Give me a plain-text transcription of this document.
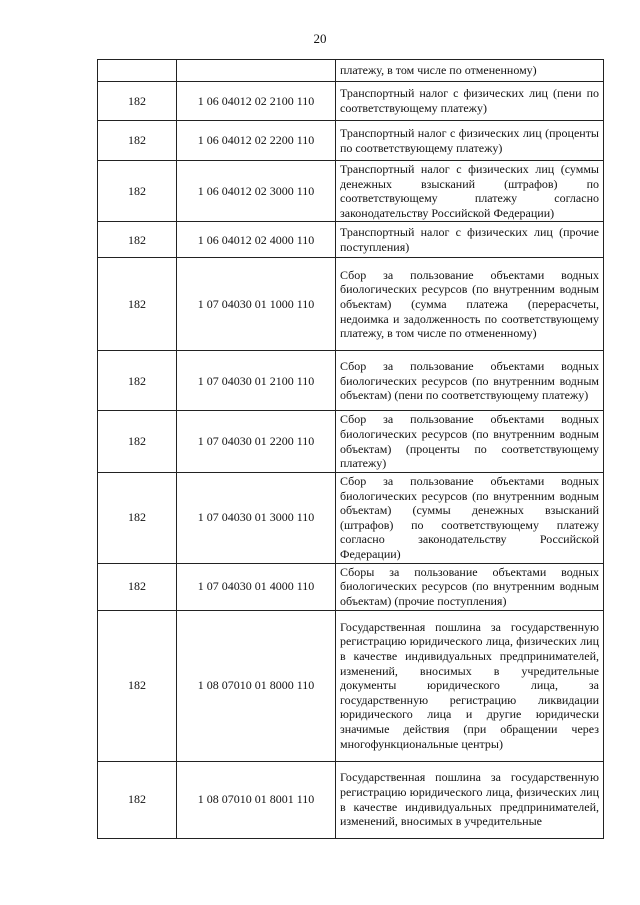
20
		платежу, в том числе по отмененному)
182	1 06 04012 02 2100 110	Транспортный налог с физических лиц (пени по соответствующему платежу)
182	1 06 04012 02 2200 110	Транспортный налог с физических лиц (проценты по соответствующему платежу)
182	1 06 04012 02 3000 110	Транспортный налог с физических лиц (суммы денежных взысканий (штрафов) по соответствующему платежу согласно законодательству Российской Федерации)
182	1 06 04012 02 4000 110	Транспортный налог с физических лиц (прочие поступления)
182	1 07 04030 01 1000 110	Сбор за пользование объектами водных биологических ресурсов (по внутренним водным объектам) (сумма платежа (перерасчеты, недоимка и задолженность по соответствующему платежу, в том числе по отмененному)
182	1 07 04030 01 2100 110	Сбор за пользование объектами водных биологических ресурсов (по внутренним водным объектам) (пени по соответствующему платежу)
182	1 07 04030 01 2200 110	Сбор за пользование объектами водных биологических ресурсов (по внутренним водным объектам) (проценты по соответствующему платежу)
182	1 07 04030 01 3000 110	Сбор за пользование объектами водных биологических ресурсов (по внутренним водным объектам) (суммы денежных взысканий (штрафов) по соответствующему платежу согласно законодательству Российской Федерации)
182	1 07 04030 01 4000 110	Сборы за пользование объектами водных биологических ресурсов (по внутренним водным объектам) (прочие поступления)
182	1 08 07010 01 8000 110	Государственная пошлина за государственную регистрацию юридического лица, физических лиц в качестве индивидуальных предпринимателей, изменений, вносимых в учредительные документы юридического лица, за государственную регистрацию ликвидации юридического лица и другие юридически значимые действия (при обращении через многофункциональные центры)
182	1 08 07010 01 8001 110	Государственная пошлина за государственную регистрацию юридического лица, физических лиц в качестве индивидуальных предпринимателей, изменений, вносимых в учредительные
